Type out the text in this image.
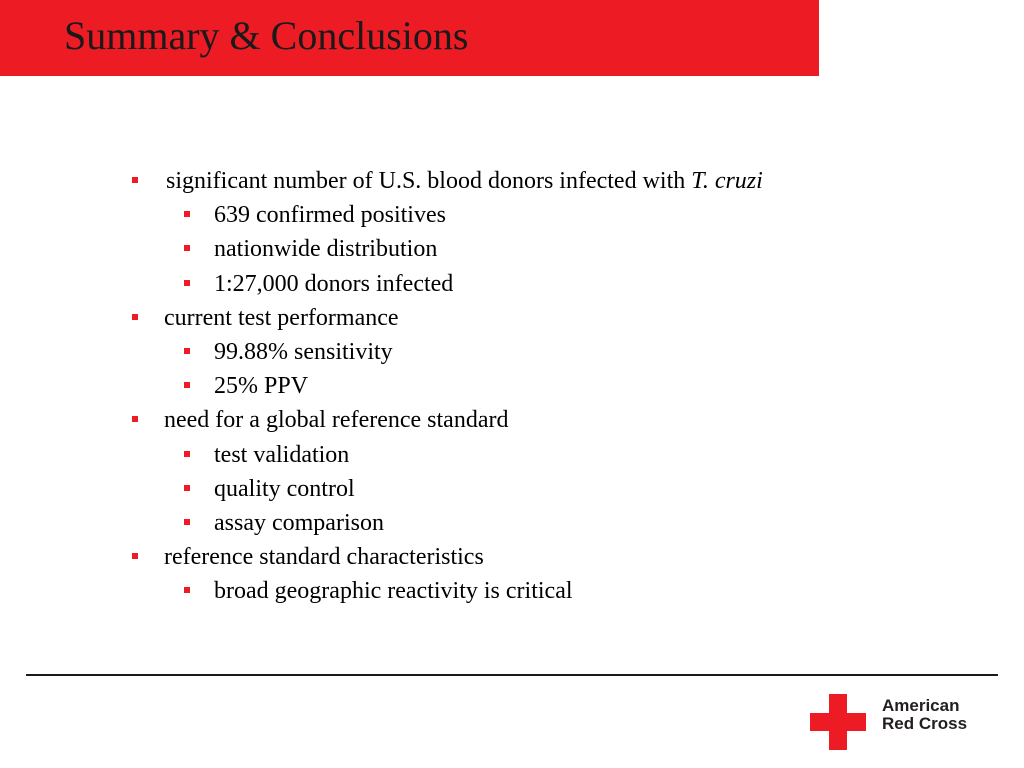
Summary & Conclusions
significant number of U.S. blood donors infected with T. cruzi
639 confirmed positives
nationwide distribution
1:27,000 donors infected
current test performance
99.88% sensitivity
25% PPV
need for a global reference standard
test validation
quality control
assay comparison
reference standard characteristics
broad geographic reactivity is critical
American
Red Cross
